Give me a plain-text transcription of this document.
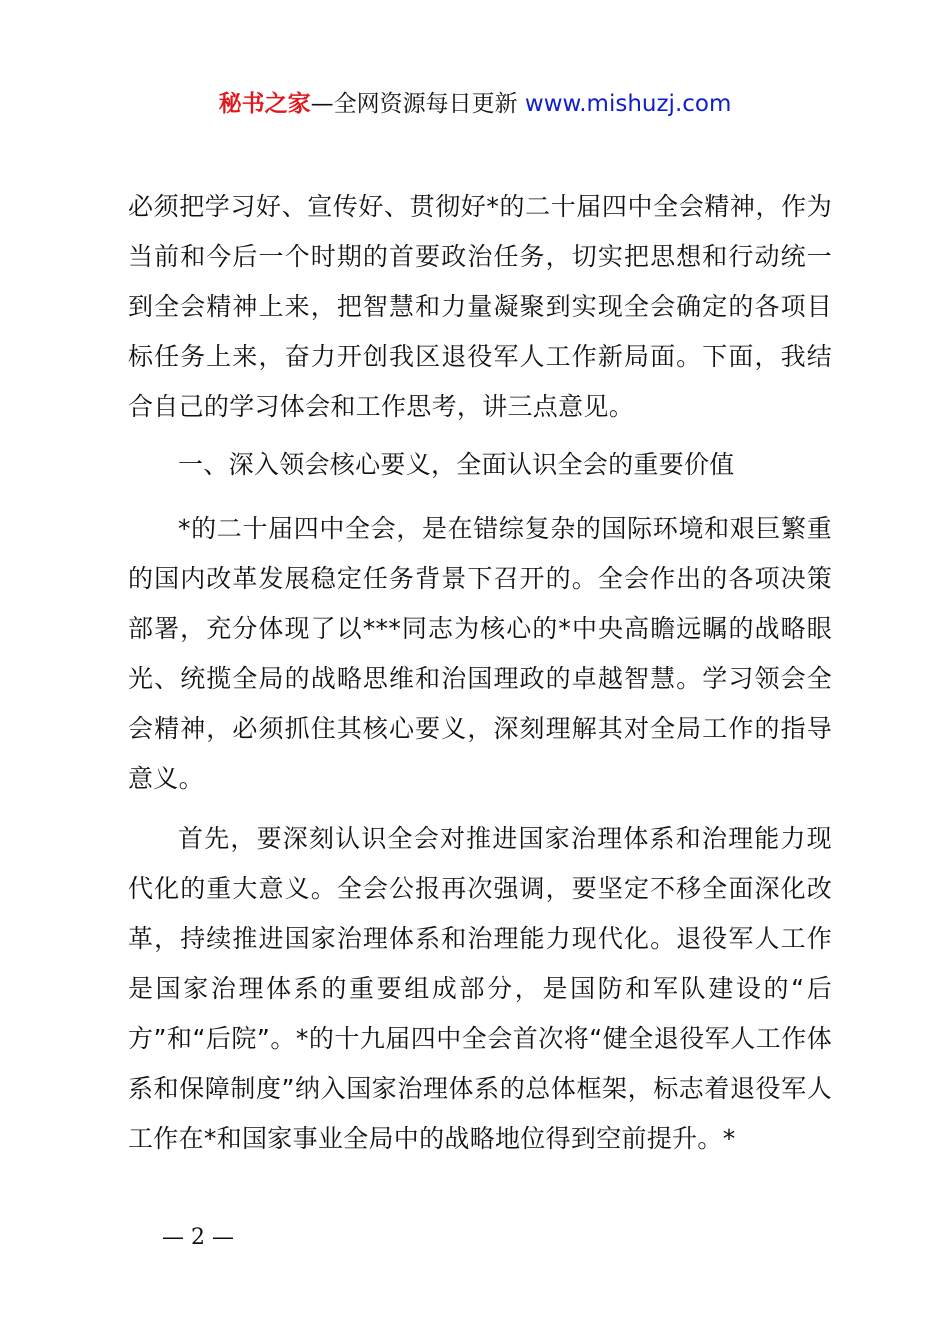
秘书之家—全网资源每日更新 www.mishuzj.com

必须把学习好、宣传好、贯彻好*的二十届四中全会精神，作为当前和今后一个时期的首要政治任务，切实把思想和行动统一到全会精神上来，把智慧和力量凝聚到实现全会确定的各项目标任务上来，奋力开创我区退役军人工作新局面。下面，我结合自己的学习体会和工作思考，讲三点意见。

一、深入领会核心要义，全面认识全会的重要价值

*的二十届四中全会，是在错综复杂的国际环境和艰巨繁重的国内改革发展稳定任务背景下召开的。全会作出的各项决策部署，充分体现了以***同志为核心的*中央高瞻远瞩的战略眼光、统揽全局的战略思维和治国理政的卓越智慧。学习领会全会精神，必须抓住其核心要义，深刻理解其对全局工作的指导意义。

首先，要深刻认识全会对推进国家治理体系和治理能力现代化的重大意义。全会公报再次强调，要坚定不移全面深化改革，持续推进国家治理体系和治理能力现代化。退役军人工作是国家治理体系的重要组成部分，是国防和军队建设的“后方”和“后院”。*的十九届四中全会首次将“健全退役军人工作体系和保障制度”纳入国家治理体系的总体框架，标志着退役军人工作在*和国家事业全局中的战略地位得到空前提升。*

— 2 —
